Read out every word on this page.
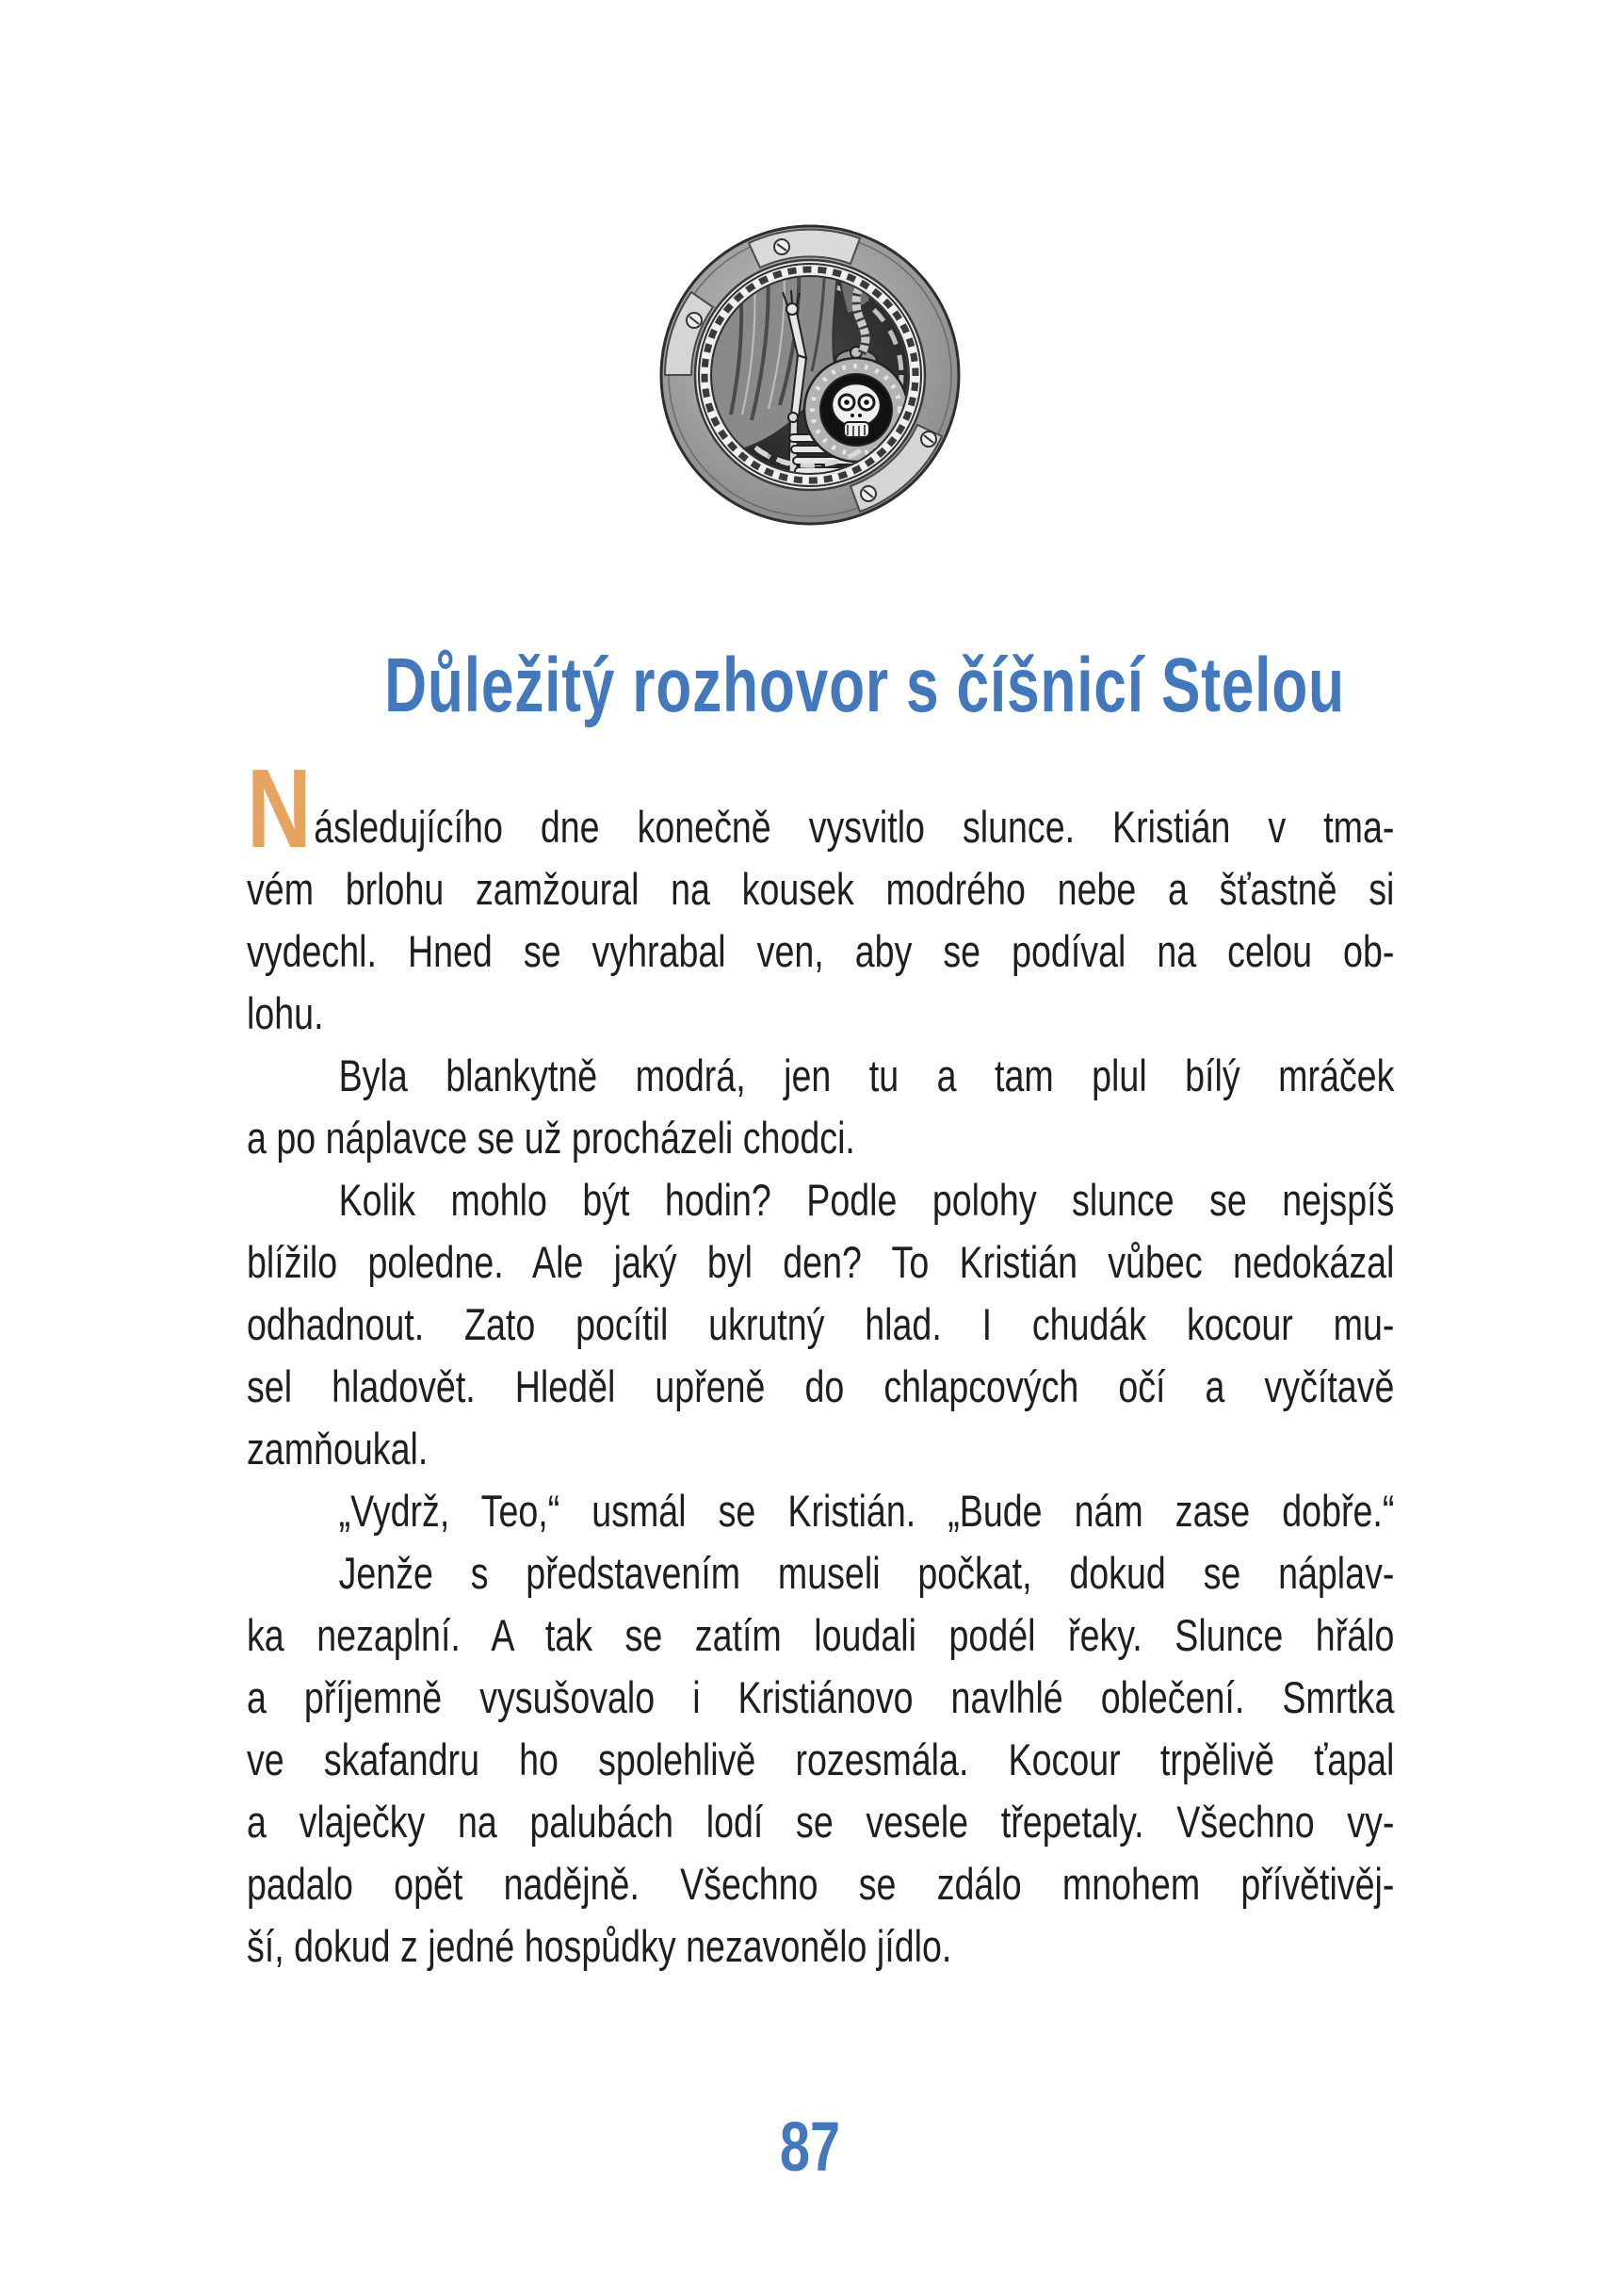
Důležitý rozhovor s číšnicí Stelou
N ásledujícího dne konečně vysvitlo slunce. Kristián v tma-
vém brlohu zamžoural na kousek modrého nebe a šťastně si
vydechl. Hned se vyhrabal ven, aby se podíval na celou ob-
lohu.
Byla blankytně modrá, jen tu a tam plul bílý mráček
a po náplavce se už procházeli chodci.
Kolik mohlo být hodin? Podle polohy slunce se nejspíš
blížilo poledne. Ale jaký byl den? To Kristián vůbec nedokázal
odhadnout. Zato pocítil ukrutný hlad. I chudák kocour mu-
sel hladovět. Hleděl upřeně do chlapcových očí a vyčítavě
zamňoukal.
„Vydrž, Teo,“ usmál se Kristián. „Bude nám zase dobře.“
Jenže s představením museli počkat, dokud se náplav-
ka nezaplní. A tak se zatím loudali podél řeky. Slunce hřálo
a příjemně vysušovalo i Kristiánovo navlhlé oblečení. Smrtka
ve skafandru ho spolehlivě rozesmála. Kocour trpělivě ťapal
a vlaječky na palubách lodí se vesele třepetaly. Všechno vy-
padalo opět nadějně. Všechno se zdálo mnohem přívětivěj-
ší, dokud z jedné hospůdky nezavonělo jídlo.
87
